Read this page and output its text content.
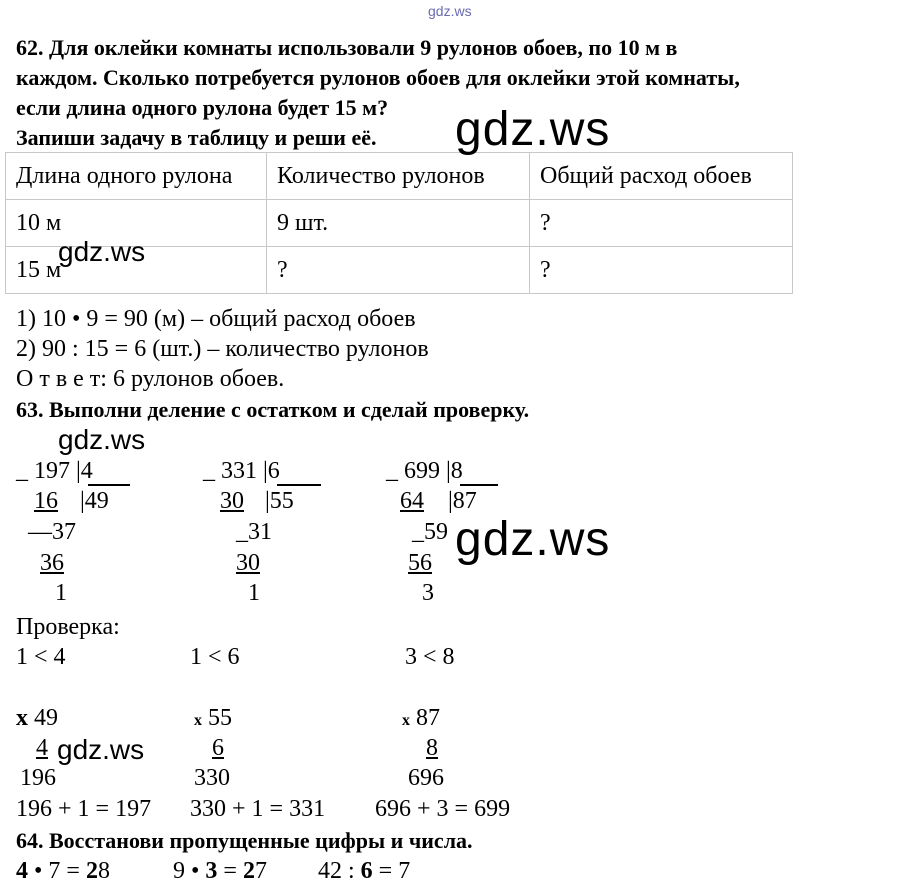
gdz.ws
62. Для оклейки комнаты использовали 9 рулонов обоев, по 10 м в
каждом. Сколько потребуется рулонов обоев для оклейки этой комнаты,
если длина одного рулона будет 15 м?
Запиши задачу в таблицу и реши её.
Длина одного рулона	Количество рулонов	Общий расход обоев
10 м	9 шт.	?
15 м	?	?
1) 10 • 9 = 90 (м) – общий расход обоев
2) 90 : 15 = 6 (шт.) – количество рулонов
О т в е т: 6 рулонов обоев.
63. Выполни деление с остатком и сделай проверку.
_ 197 |4
16 |49
—37
36
1
_ 331 |6
30 |55
_31
30
1
_ 699 |8
64 |87
_59
56
3
Проверка:
1 < 4	1 < 6	3 < 8
x 49
4
196
x 55
6
330
x 87
8
696
196 + 1 = 197 330 + 1 = 331 696 + 3 = 699
64. Восстанови пропущенные цифры и числа.
4 • 7 = 28	9 • 3 = 27 42 : 6 = 7
gdz.ws
gdz.ws
gdz.ws
gdz.ws
gdz.ws
